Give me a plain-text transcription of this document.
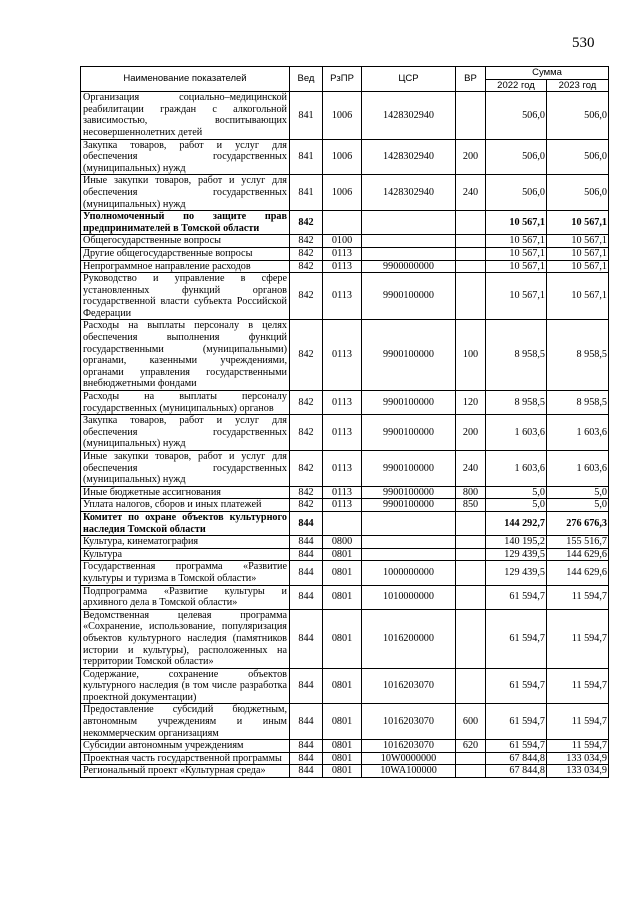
530
Наименование показателей	Вед	РзПР	ЦСР	ВР	Сумма	
					2022 год	2023 год
Организация социально–медицинской реабилитации граждан с алкогольной зависимостью, воспитывающих несовершеннолетних детей	841	1006	1428302940		506,0	506,0
Закупка товаров, работ и услуг для обеспечения государственных (муниципальных) нужд	841	1006	1428302940	200	506,0	506,0
Иные закупки товаров, работ и услуг для обеспечения государственных (муниципальных) нужд	841	1006	1428302940	240	506,0	506,0
Уполномоченный по защите прав предпринимателей в Томской области	842				10 567,1	10 567,1
Общегосударственные вопросы	842	0100			10 567,1	10 567,1
Другие общегосударственные вопросы	842	0113			10 567,1	10 567,1
Непрограммное направление расходов	842	0113	9900000000		10 567,1	10 567,1
Руководство и управление в сфере установленных функций органов государственной власти субъекта Российской Федерации	842	0113	9900100000		10 567,1	10 567,1
Расходы на выплаты персоналу в целях обеспечения выполнения функций государственными (муниципальными) органами, казенными учреждениями, органами управления государственными внебюджетными фондами	842	0113	9900100000	100	8 958,5	8 958,5
Расходы на выплаты персоналу государственных (муниципальных) органов	842	0113	9900100000	120	8 958,5	8 958,5
Закупка товаров, работ и услуг для обеспечения государственных (муниципальных) нужд	842	0113	9900100000	200	1 603,6	1 603,6
Иные закупки товаров, работ и услуг для обеспечения государственных (муниципальных) нужд	842	0113	9900100000	240	1 603,6	1 603,6
Иные бюджетные ассигнования	842	0113	9900100000	800	5,0	5,0
Уплата налогов, сборов и иных платежей	842	0113	9900100000	850	5,0	5,0
Комитет по охране объектов культурного наследия Томской области	844				144 292,7	276 676,3
Культура, кинематография	844	0800			140 195,2	155 516,7
Культура	844	0801			129 439,5	144 629,6
Государственная программа «Развитие культуры и туризма в Томской области»	844	0801	1000000000		129 439,5	144 629,6
Подпрограмма «Развитие культуры и архивного дела в Томской области»	844	0801	1010000000		61 594,7	11 594,7
Ведомственная целевая программа «Сохранение, использование, популяризация объектов культурного наследия (памятников истории и культуры), расположенных на территории Томской области»	844	0801	1016200000		61 594,7	11 594,7
Содержание, сохранение объектов культурного наследия (в том числе разработка проектной документации)	844	0801	1016203070		61 594,7	11 594,7
Предоставление субсидий бюджетным, автономным учреждениям и иным некоммерческим организациям	844	0801	1016203070	600	61 594,7	11 594,7
Субсидии автономным учреждениям	844	0801	1016203070	620	61 594,7	11 594,7
Проектная часть государственной программы	844	0801	10W0000000		67 844,8	133 034,9
Региональный проект «Культурная среда»	844	0801	10WA100000		67 844,8	133 034,9
